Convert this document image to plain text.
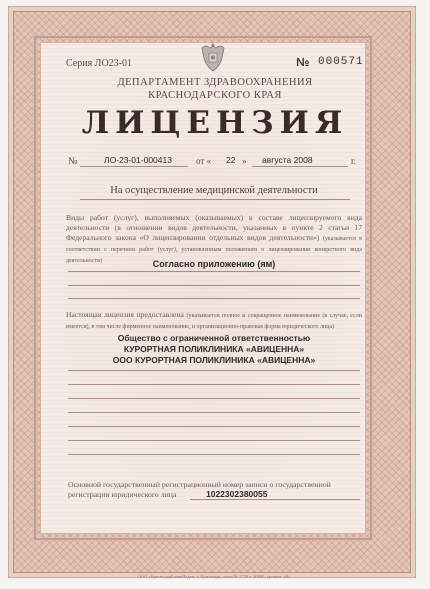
Серия ЛО23-01	№ 000571
ДЕПАРТАМЕНТ ЗДРАВООХРАНЕНИЯ
КРАСНОДАРСКОГО КРАЯ
ЛИЦЕНЗИЯ
№	ЛО-23-01-000413	от « 22 » августа 2008	г.
На осуществление медицинской деятельности
Виды работ (услуг), выполняемых (оказываемых) в составе лицензируемого вида деятельности (в отношении видов деятельности, указанных в пункте 2 статьи 17 Федерального закона «О лицензировании отдельных видов деятельности») (указывается в соответствии с перечнем работ (услуг), установленным положением о лицензировании конкретного вида деятельности)	Согласно приложению (ям)
Настоящая лицензия предоставлена (указывается полное и сокращенное наименование (в случае, если имеется), в том числе фирменное наименование, и организационно-правовая форма юридического лица)
Общество с ограниченной ответственностью
КУРОРТНАЯ ПОЛИКЛИНИКА «АВИЦЕННА»
ООО КУРОРТНАЯ ПОЛИКЛИНИКА «АВИЦЕННА»
Основной государственный регистрационный номер записи о государственной
регистрации юридического лица	1022302380055
ООО «КраснодарБланкИздат» г. Краснодар, заказ № 3759 т. 20000, уровень «В»
